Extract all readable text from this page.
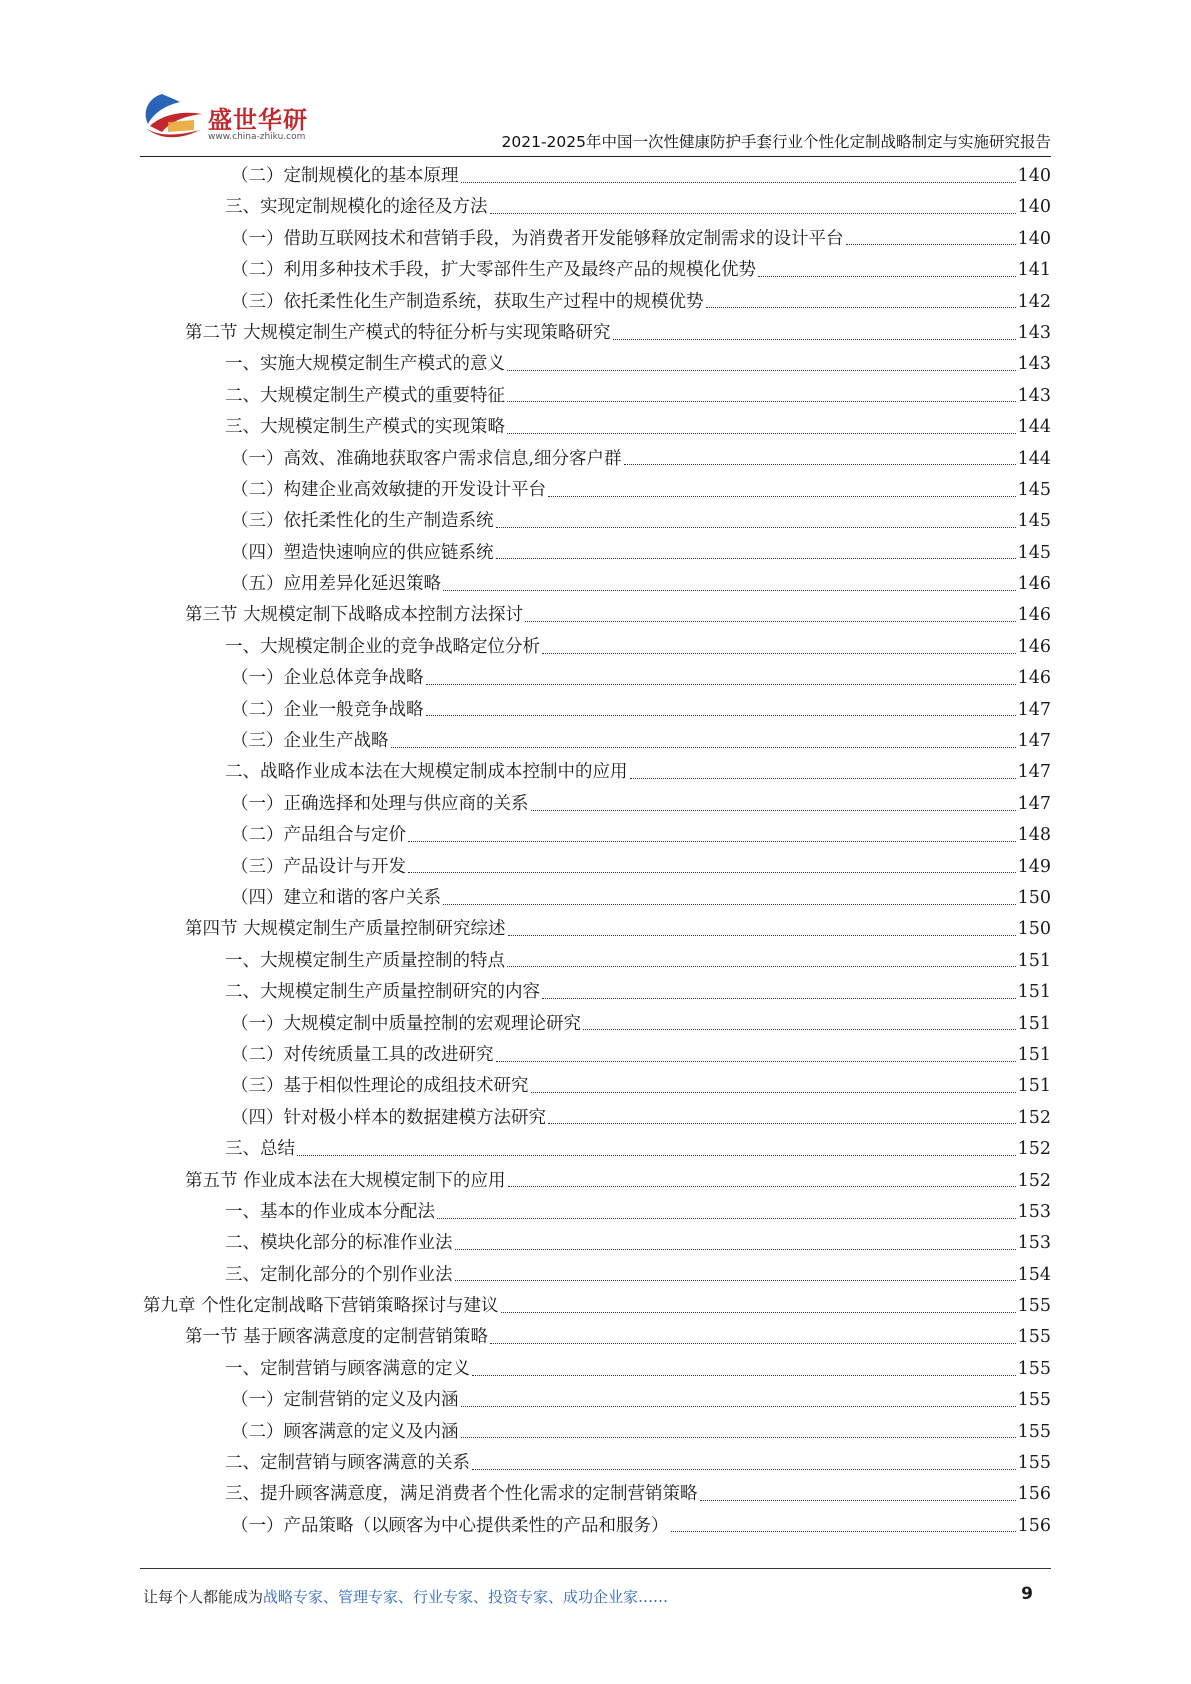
盛世华研
www.china-zhiku.com	2021-2025年中国一次性健康防护手套行业个性化定制战略制定与实施研究报告
（二）定制规模化的基本原理	140
三、实现定制规模化的途径及方法	140
（一）借助互联网技术和营销手段，为消费者开发能够释放定制需求的设计平台	140
（二）利用多种技术手段，扩大零部件生产及最终产品的规模化优势	141
（三）依托柔性化生产制造系统，获取生产过程中的规模优势	142
第二节 大规模定制生产模式的特征分析与实现策略研究	143
一、实施大规模定制生产模式的意义	143
二、大规模定制生产模式的重要特征	143
三、大规模定制生产模式的实现策略	144
（一）高效、准确地获取客户需求信息,细分客户群	144
（二）构建企业高效敏捷的开发设计平台	145
（三）依托柔性化的生产制造系统	145
（四）塑造快速响应的供应链系统	145
（五）应用差异化延迟策略	146
第三节 大规模定制下战略成本控制方法探讨	146
一、大规模定制企业的竞争战略定位分析	146
（一）企业总体竞争战略	146
（二）企业一般竞争战略	147
（三）企业生产战略	147
二、战略作业成本法在大规模定制成本控制中的应用	147
（一）正确选择和处理与供应商的关系	147
（二）产品组合与定价	148
（三）产品设计与开发	149
（四）建立和谐的客户关系	150
第四节 大规模定制生产质量控制研究综述	150
一、大规模定制生产质量控制的特点	151
二、大规模定制生产质量控制研究的内容	151
（一）大规模定制中质量控制的宏观理论研究	151
（二）对传统质量工具的改进研究	151
（三）基于相似性理论的成组技术研究	151
（四）针对极小样本的数据建模方法研究	152
三、总结	152
第五节 作业成本法在大规模定制下的应用	152
一、基本的作业成本分配法	153
二、模块化部分的标准作业法	153
三、定制化部分的个别作业法	154
第九章 个性化定制战略下营销策略探讨与建议	155
第一节 基于顾客满意度的定制营销策略	155
一、定制营销与顾客满意的定义	155
（一）定制营销的定义及内涵	155
（二）顾客满意的定义及内涵	155
二、定制营销与顾客满意的关系	155
三、提升顾客满意度，满足消费者个性化需求的定制营销策略	156
（一）产品策略（以顾客为中心提供柔性的产品和服务）	156
让每个人都能成为战略专家、管理专家、行业专家、投资专家、成功企业家……	9
